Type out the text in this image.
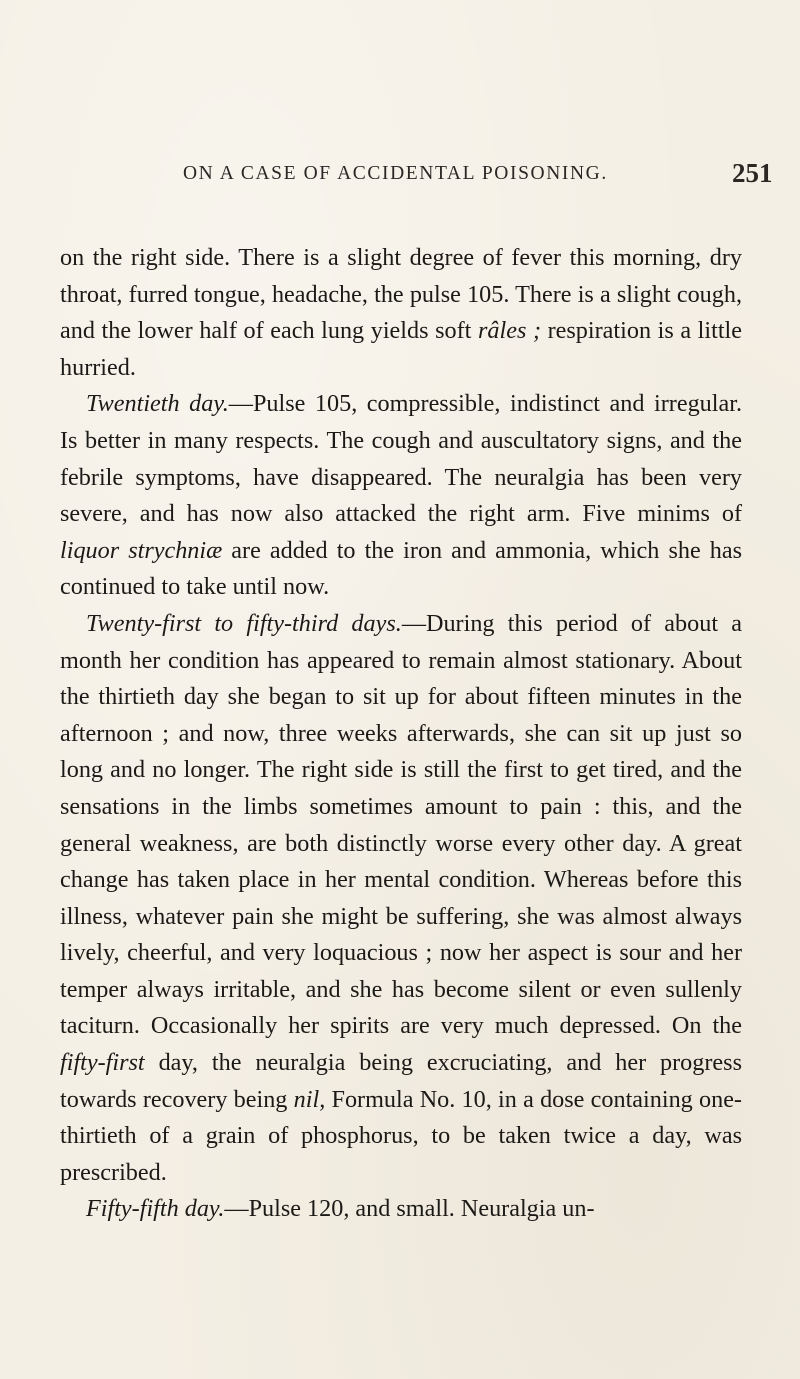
ON A CASE OF ACCIDENTAL POISONING.	251

on the right side. There is a slight degree of fever this morning, dry throat, furred tongue, headache, the pulse 105. There is a slight cough, and the lower half of each lung yields soft râles ; respiration is a little hurried.

Twentieth day.—Pulse 105, compressible, indistinct and irregular. Is better in many respects. The cough and auscultatory signs, and the febrile symptoms, have disappeared. The neuralgia has been very severe, and has now also attacked the right arm. Five minims of liquor strychniæ are added to the iron and ammonia, which she has continued to take until now.

Twenty-first to fifty-third days.—During this period of about a month her condition has appeared to remain almost stationary. About the thirtieth day she began to sit up for about fifteen minutes in the afternoon ; and now, three weeks afterwards, she can sit up just so long and no longer. The right side is still the first to get tired, and the sensations in the limbs sometimes amount to pain : this, and the general weakness, are both distinctly worse every other day. A great change has taken place in her mental condition. Whereas before this illness, whatever pain she might be suffering, she was almost always lively, cheerful, and very loquacious ; now her aspect is sour and her temper always irritable, and she has become silent or even sullenly taciturn. Occasionally her spirits are very much depressed. On the fifty-first day, the neuralgia being excruciating, and her progress towards recovery being nil, Formula No. 10, in a dose containing one-thirtieth of a grain of phosphorus, to be taken twice a day, was prescribed.

Fifty-fifth day.—Pulse 120, and small. Neuralgia un-
